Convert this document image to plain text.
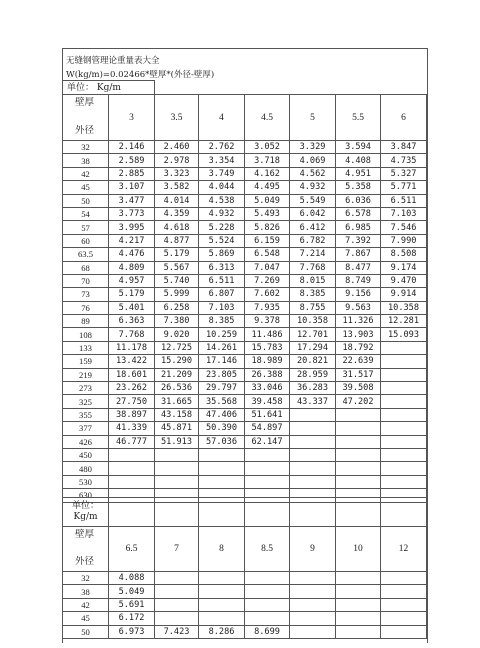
无缝钢管理论重量表大全
W(kg/m)=0.02466*壁厚*(外径-壁厚)
单位： Kg/m							

壁厚
外径	3	3.5	4	4.5	5	5.5	6
32	2.146	2.460	2.762	3.052	3.329	3.594	3.847
38	2.589	2.978	3.354	3.718	4.069	4.408	4.735
42	2.885	3.323	3.749	4.162	4.562	4.951	5.327
45	3.107	3.582	4.044	4.495	4.932	5.358	5.771
50	3.477	4.014	4.538	5.049	5.549	6.036	6.511
54	3.773	4.359	4.932	5.493	6.042	6.578	7.103
57	3.995	4.618	5.228	5.826	6.412	6.985	7.546
60	4.217	4.877	5.524	6.159	6.782	7.392	7.990
63.5	4.476	5.179	5.869	6.548	7.214	7.867	8.508
68	4.809	5.567	6.313	7.047	7.768	8.477	9.174
70	4.957	5.740	6.511	7.269	8.015	8.749	9.470
73	5.179	5.999	6.807	7.602	8.385	9.156	9.914
76	5.401	6.258	7.103	7.935	8.755	9.563	10.358
89	6.363	7.380	8.385	9.378	10.358	11.326	12.281
108	7.768	9.020	10.259	11.486	12.701	13.903	15.093
133	11.178	12.725	14.261	15.783	17.294	18.792	
159	13.422	15.290	17.146	18.989	20.821	22.639	
219	18.601	21.209	23.805	26.388	28.959	31.517	
273	23.262	26.536	29.797	33.046	36.283	39.508	
325	27.750	31.665	35.568	39.458	43.337	47.202	
355	38.897	43.158	47.406	51.641			
377	41.339	45.871	50.390	54.897			
426	46.777	51.913	57.036	62.147			
450							
480							
530							
630							
单位：
Kg/m							

壁厚
外径	6.5	7	8	8.5	9	10	12
32	4.088						
38	5.049						
42	5.691						
45	6.172						
50	6.973	7.423	8.286	8.699			
